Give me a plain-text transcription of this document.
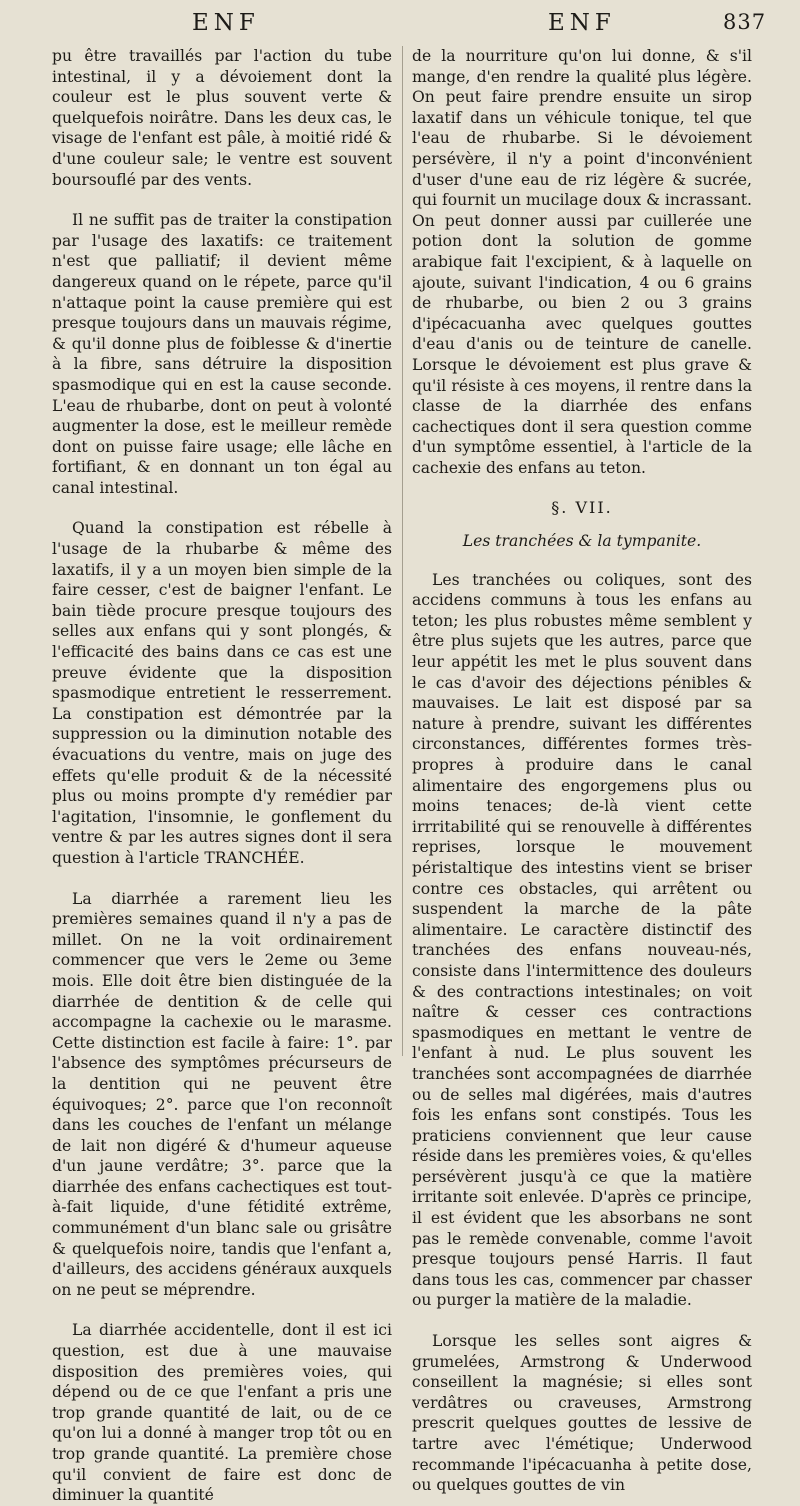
ENF	ENF	837

pu être travaillés par l'action du tube intestinal, il y a dévoiement dont la couleur est le plus souvent verte & quelquefois noirâtre. Dans les deux cas, le visage de l'enfant est pâle, à moitié ridé & d'une couleur sale; le ventre est souvent boursouflé par des vents.

Il ne suffit pas de traiter la constipation par l'usage des laxatifs: ce traitement n'est que palliatif; il devient même dangereux quand on le répete, parce qu'il n'attaque point la cause première qui est presque toujours dans un mauvais régime, & qu'il donne plus de foiblesse & d'inertie à la fibre, sans détruire la disposition spasmodique qui en est la cause seconde. L'eau de rhubarbe, dont on peut à volonté augmenter la dose, est le meilleur remède dont on puisse faire usage; elle lâche en fortifiant, & en donnant un ton égal au canal intestinal.

Quand la constipation est rébelle à l'usage de la rhubarbe & même des laxatifs, il y a un moyen bien simple de la faire cesser, c'est de baigner l'enfant. Le bain tiède procure presque toujours des selles aux enfans qui y sont plongés, & l'efficacité des bains dans ce cas est une preuve évidente que la disposition spasmodique entretient le resserrement. La constipation est démontrée par la suppression ou la diminution notable des évacuations du ventre, mais on juge des effets qu'elle produit & de la nécessité plus ou moins prompte d'y remédier par l'agitation, l'insomnie, le gonflement du ventre & par les autres signes dont il sera question à l'article TRANCHÉE.

La diarrhée a rarement lieu les premières semaines quand il n'y a pas de millet. On ne la voit ordinairement commencer que vers le 2eme ou 3eme mois. Elle doit être bien distinguée de la diarrhée de dentition & de celle qui accompagne la cachexie ou le marasme. Cette distinction est facile à faire: 1°. par l'absence des symptômes précurseurs de la dentition qui ne peuvent être équivoques; 2°. parce que l'on reconnoît dans les couches de l'enfant un mélange de lait non digéré & d'humeur aqueuse d'un jaune verdâtre; 3°. parce que la diarrhée des enfans cachectiques est tout-à-fait liquide, d'une fétidité extrême, communément d'un blanc sale ou grisâtre & quelquefois noire, tandis que l'enfant a, d'ailleurs, des accidens généraux auxquels on ne peut se méprendre.

La diarrhée accidentelle, dont il est ici question, est due à une mauvaise disposition des premières voies, qui dépend ou de ce que l'enfant a pris une trop grande quantité de lait, ou de ce qu'on lui a donné à manger trop tôt ou en trop grande quantité. La première chose qu'il convient de faire est donc de diminuer la quantité

de la nourriture qu'on lui donne, & s'il mange, d'en rendre la qualité plus légère. On peut faire prendre ensuite un sirop laxatif dans un véhicule tonique, tel que l'eau de rhubarbe. Si le dévoiement persévère, il n'y a point d'inconvénient d'user d'une eau de riz légère & sucrée, qui fournit un mucilage doux & incrassant. On peut donner aussi par cuillerée une potion dont la solution de gomme arabique fait l'excipient, & à laquelle on ajoute, suivant l'indication, 4 ou 6 grains de rhubarbe, ou bien 2 ou 3 grains d'ipécacuanha avec quelques gouttes d'eau d'anis ou de teinture de canelle. Lorsque le dévoiement est plus grave & qu'il résiste à ces moyens, il rentre dans la classe de la diarrhée des enfans cachectiques dont il sera question comme d'un symptôme essentiel, à l'article de la cachexie des enfans au teton.

§. VII.
Les tranchées & la tympanite.

Les tranchées ou coliques, sont des accidens communs à tous les enfans au teton; les plus robustes même semblent y être plus sujets que les autres, parce que leur appétit les met le plus souvent dans le cas d'avoir des déjections pénibles & mauvaises. Le lait est disposé par sa nature à prendre, suivant les différentes circonstances, différentes formes très-propres à produire dans le canal alimentaire des engorgemens plus ou moins tenaces; de-là vient cette irrritabilité qui se renouvelle à différentes reprises, lorsque le mouvement péristaltique des intestins vient se briser contre ces obstacles, qui arrêtent ou suspendent la marche de la pâte alimentaire. Le caractère distinctif des tranchées des enfans nouveau-nés, consiste dans l'intermittence des douleurs & des contractions intestinales; on voit naître & cesser ces contractions spasmodiques en mettant le ventre de l'enfant à nud. Le plus souvent les tranchées sont accompagnées de diarrhée ou de selles mal digérées, mais d'autres fois les enfans sont constipés. Tous les praticiens conviennent que leur cause réside dans les premières voies, & qu'elles persévèrent jusqu'à ce que la matière irritante soit enlevée. D'après ce principe, il est évident que les absorbans ne sont pas le remède convenable, comme l'avoit presque toujours pensé Harris. Il faut dans tous les cas, commencer par chasser ou purger la matière de la maladie.

Lorsque les selles sont aigres & grumelées, Armstrong & Underwood conseillent la magnésie; si elles sont verdâtres ou craveuses, Armstrong prescrit quelques gouttes de lessive de tartre avec l'émétique; Underwood recommande l'ipécacuanha à petite dose, ou quelques gouttes de vin
